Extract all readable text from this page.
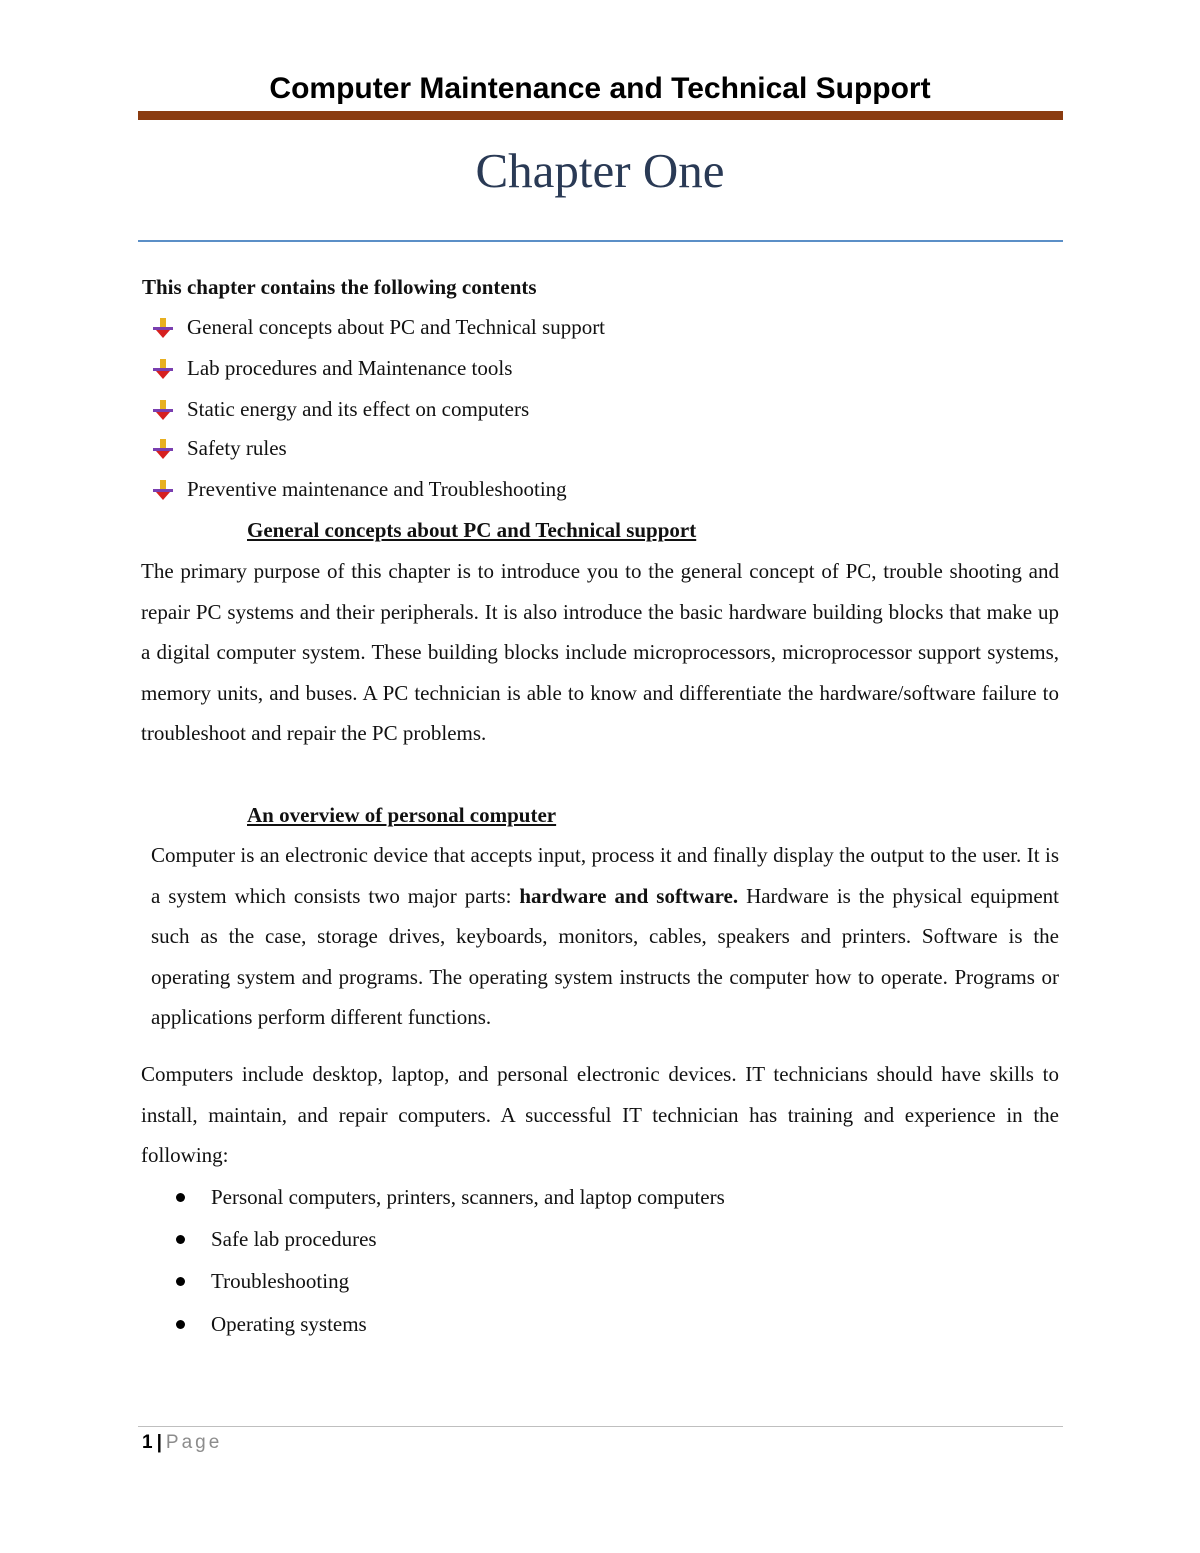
Computer Maintenance and Technical Support
Chapter One
This chapter contains the following contents
General concepts about PC and Technical support
Lab procedures and Maintenance tools
Static energy and its effect on computers
Safety rules
Preventive maintenance and Troubleshooting
General concepts about PC and Technical support
The primary purpose of this chapter is to introduce you to the general concept of PC, trouble shooting and repair PC systems and their peripherals. It is also introduce the basic hardware building blocks that make up a digital computer system. These building blocks include microprocessors, microprocessor support systems, memory units, and buses. A PC technician is able to know and differentiate the hardware/software failure to troubleshoot and repair the PC problems.
An overview of personal computer
Computer is an electronic device that accepts input, process it and finally display the output to the user. It is a system which consists two major parts: hardware and software. Hardware is the physical equipment such as the case, storage drives, keyboards, monitors, cables, speakers and printers. Software is the operating system and programs. The operating system instructs the computer how to operate. Programs or applications perform different functions.
Computers include desktop, laptop, and personal electronic devices. IT technicians should have skills to install, maintain, and repair computers. A successful IT technician has training and experience in the following:
Personal computers, printers, scanners, and laptop computers
Safe lab procedures
Troubleshooting
Operating systems
1 | Page
